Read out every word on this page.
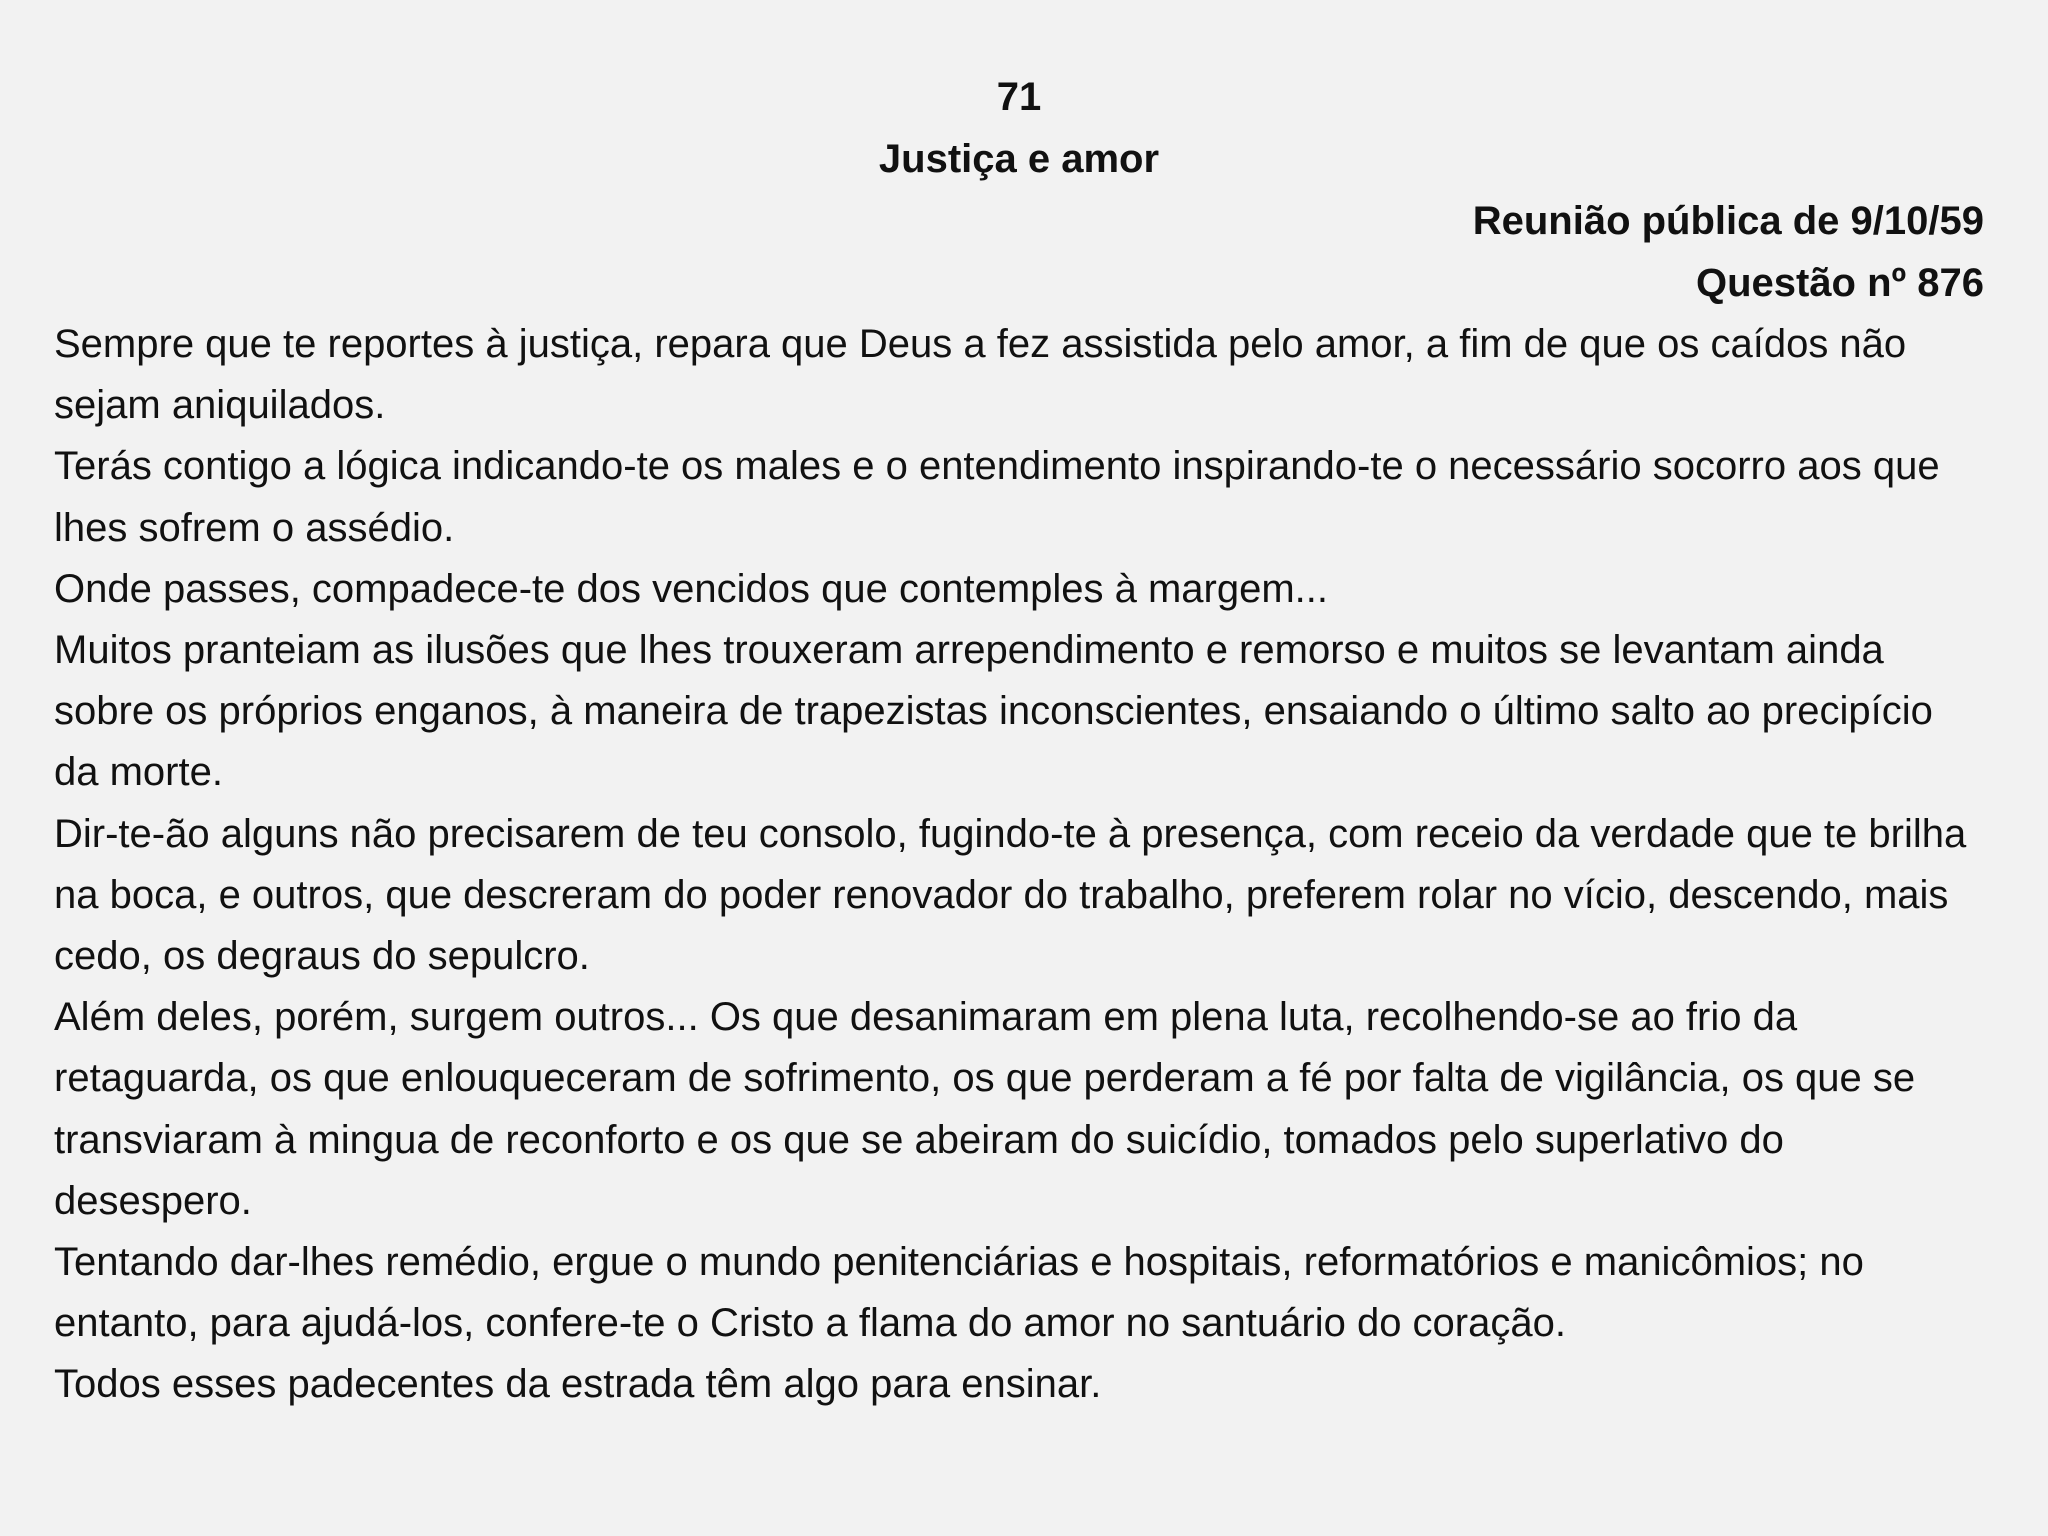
71
Justiça e amor
Reunião pública de 9/10/59
Questão nº 876

Sempre que te reportes à justiça, repara que Deus a fez assistida pelo amor, a fim de que os caídos não sejam aniquilados.

Terás contigo a lógica indicando-te os males e o entendimento inspirando-te o necessário socorro aos que lhes sofrem o assédio.

Onde passes, compadece-te dos vencidos que contemples à margem...

Muitos pranteiam as ilusões que lhes trouxeram arrependimento e remorso e muitos se levantam ainda sobre os próprios enganos, à maneira de trapezistas inconscientes, ensaiando o último salto ao precipício da morte.

Dir-te-ão alguns não precisarem de teu consolo, fugindo-te à presença, com receio da verdade que te brilha na boca, e outros, que descreram do poder renovador do trabalho, preferem rolar no vício, descendo, mais cedo, os degraus do sepulcro.

Além deles, porém, surgem outros... Os que desanimaram em plena luta, recolhendo-se ao frio da retaguarda, os que enlouqueceram de sofrimento, os que perderam a fé por falta de vigilância, os que se transviaram à mingua de reconforto e os que se abeiram do suicídio, tomados pelo superlativo do desespero.

Tentando dar-lhes remédio, ergue o mundo penitenciárias e hospitais, reformatórios e manicômios; no entanto, para ajudá-los, confere-te o Cristo a flama do amor no santuário do coração.

Todos esses padecentes da estrada têm algo para ensinar.
